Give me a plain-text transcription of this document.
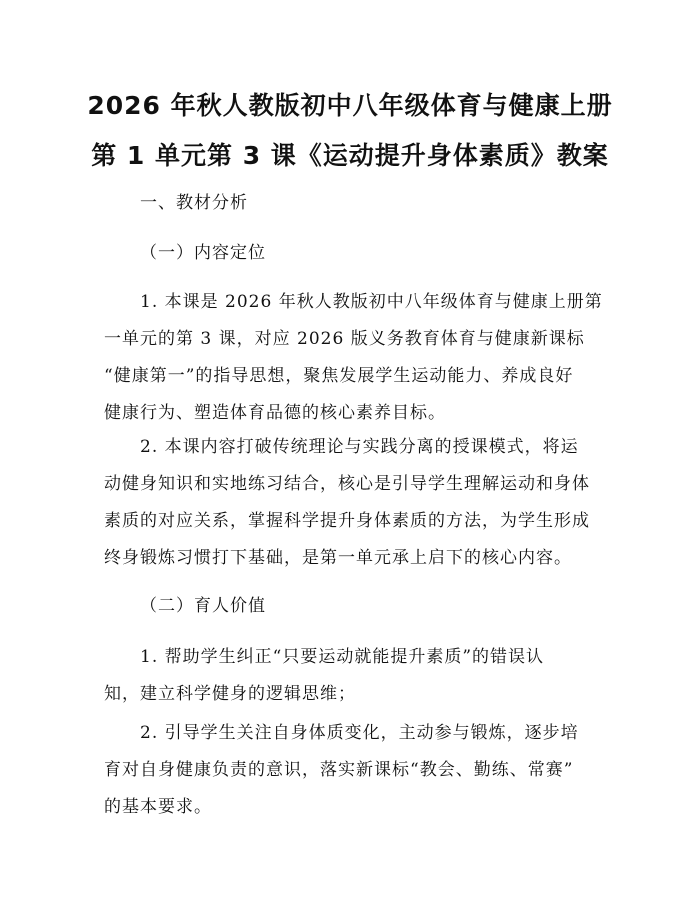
2026 年秋人教版初中八年级体育与健康上册
第 1 单元第 3 课《运动提升身体素质》教案
一、教材分析
（一）内容定位
1. 本课是 2026 年秋人教版初中八年级体育与健康上册第
一单元的第 3 课，对应 2026 版义务教育体育与健康新课标
“健康第一”的指导思想，聚焦发展学生运动能力、养成良好
健康行为、塑造体育品德的核心素养目标。
2. 本课内容打破传统理论与实践分离的授课模式，将运
动健身知识和实地练习结合，核心是引导学生理解运动和身体
素质的对应关系，掌握科学提升身体素质的方法，为学生形成
终身锻炼习惯打下基础，是第一单元承上启下的核心内容。
（二）育人价值
1. 帮助学生纠正“只要运动就能提升素质”的错误认
知，建立科学健身的逻辑思维；
2. 引导学生关注自身体质变化，主动参与锻炼，逐步培
育对自身健康负责的意识，落实新课标“教会、勤练、常赛”
的基本要求。
